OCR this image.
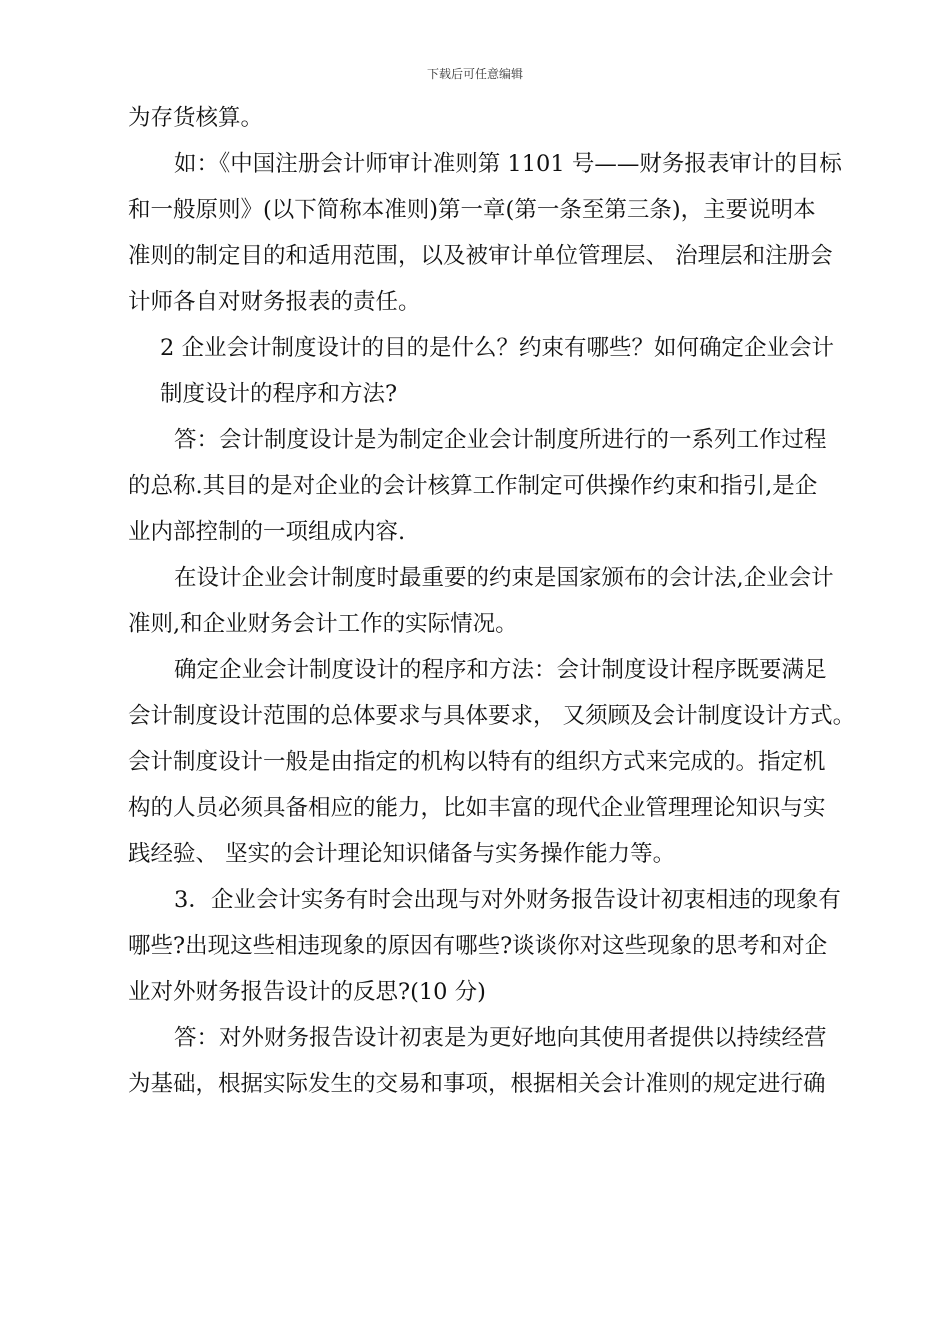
下载后可任意编辑
为存货核算。
如：《中国注册会计师审计准则第 1101 号——财务报表审计的目标
和一般原则》(以下简称本准则)第一章(第一条至第三条)，主要说明本
准则的制定目的和适用范围，以及被审计单位管理层、 治理层和注册会
计师各自对财务报表的责任。
2 企业会计制度设计的目的是什么？约束有哪些？如何确定企业会计
制度设计的程序和方法?
答：会计制度设计是为制定企业会计制度所进行的一系列工作过程
的总称.其目的是对企业的会计核算工作制定可供操作约束和指引,是企
业内部控制的一项组成内容.
在设计企业会计制度时最重要的约束是国家颁布的会计法,企业会计
准则,和企业财务会计工作的实际情况。
确定企业会计制度设计的程序和方法：会计制度设计程序既要满足
会计制度设计范围的总体要求与具体要求， 又须顾及会计制度设计方式。
会计制度设计一般是由指定的机构以特有的组织方式来完成的。指定机
构的人员必须具备相应的能力，比如丰富的现代企业管理理论知识与实
践经验、 坚实的会计理论知识储备与实务操作能力等。
3．企业会计实务有时会出现与对外财务报告设计初衷相违的现象有
哪些?出现这些相违现象的原因有哪些?谈谈你对这些现象的思考和对企
业对外财务报告设计的反思?(10 分)
答：对外财务报告设计初衷是为更好地向其使用者提供以持续经营
为基础，根据实际发生的交易和事项，根据相关会计准则的规定进行确
